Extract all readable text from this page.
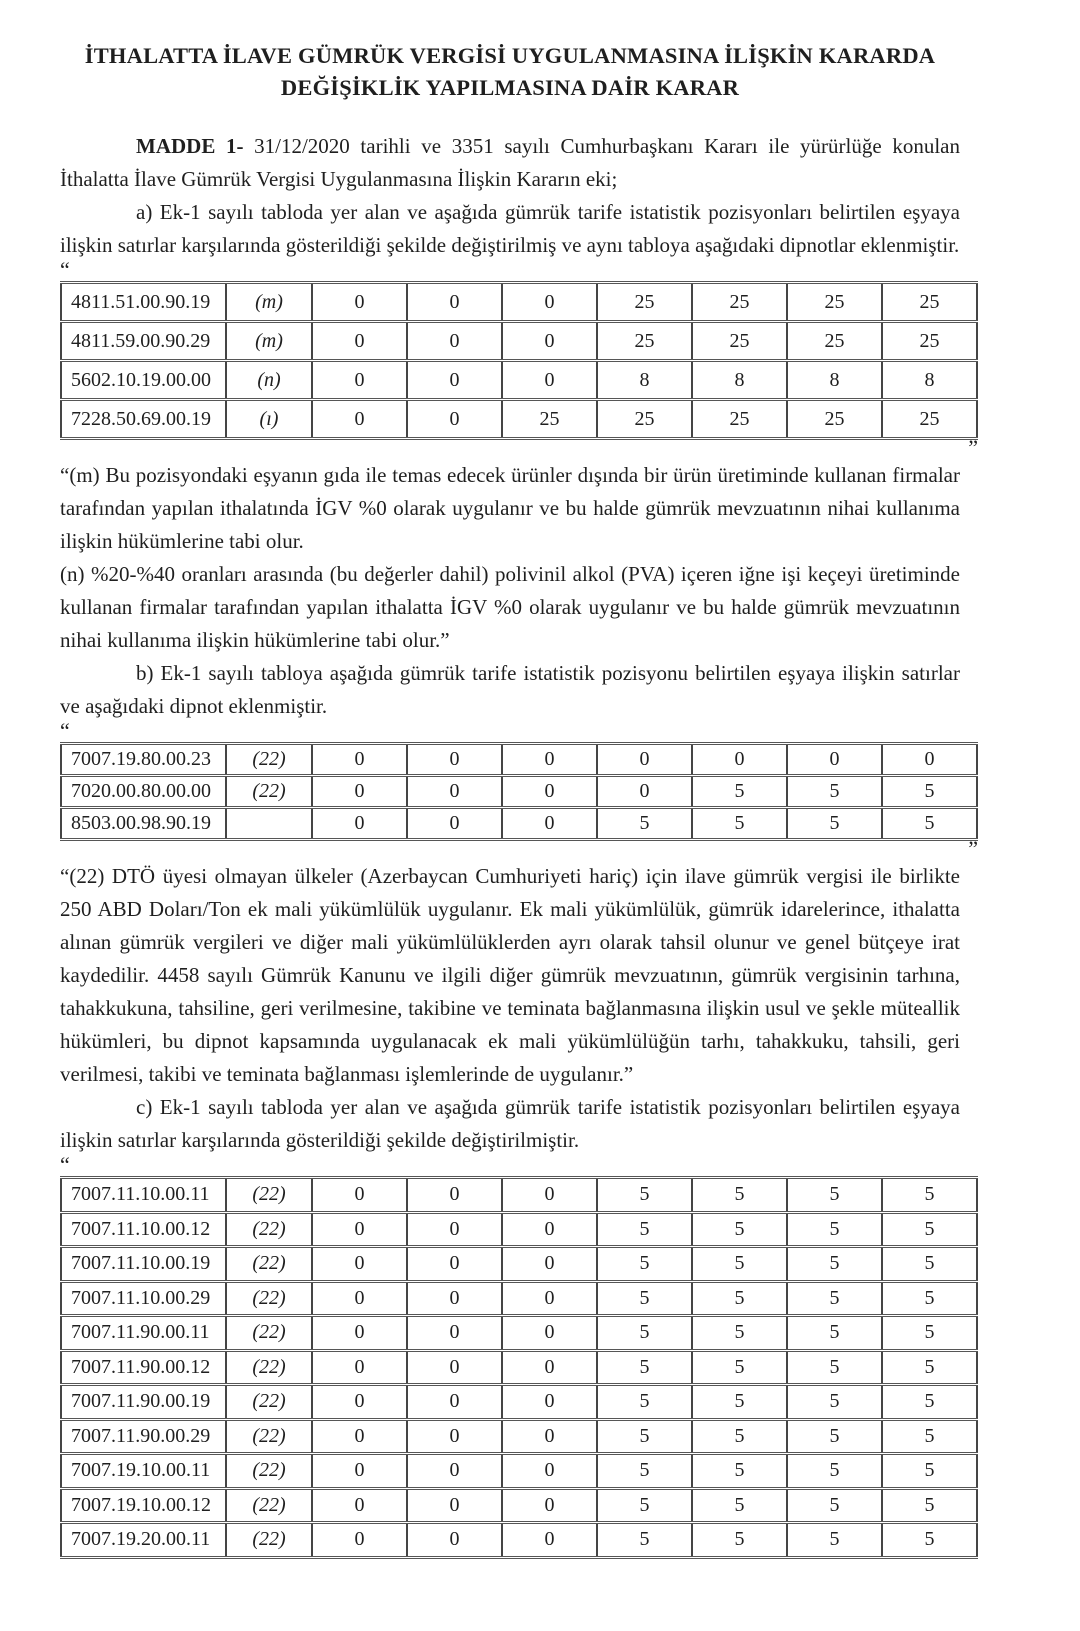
İTHALATTA İLAVE GÜMRÜK VERGİSİ UYGULANMASINA İLİŞKİN KARARDA
DEĞİŞİKLİK YAPILMASINA DAİR KARAR

MADDE 1- 31/12/2020 tarihli ve 3351 sayılı Cumhurbaşkanı Kararı ile yürürlüğe konulan İthalatta İlave Gümrük Vergisi Uygulanmasına İlişkin Kararın eki;

a) Ek-1 sayılı tabloda yer alan ve aşağıda gümrük tarife istatistik pozisyonları belirtilen eşyaya ilişkin satırlar karşılarında gösterildiği şekilde değiştirilmiş ve aynı tabloya aşağıdaki dipnotlar eklenmiştir.

“
4811.51.00.90.19	(m)	0	0	0	25	25	25	25
4811.59.00.90.29	(m)	0	0	0	25	25	25	25
5602.10.19.00.00	(n)	0	0	0	8	8	8	8
7228.50.69.00.19	(ı)	0	0	25	25	25	25	25
”

“(m) Bu pozisyondaki eşyanın gıda ile temas edecek ürünler dışında bir ürün üretiminde kullanan firmalar tarafından yapılan ithalatında İGV %0 olarak uygulanır ve bu halde gümrük mevzuatının nihai kullanıma ilişkin hükümlerine tabi olur.

(n) %20-%40 oranları arasında (bu değerler dahil) polivinil alkol (PVA) içeren iğne işi keçeyi üretiminde kullanan firmalar tarafından yapılan ithalatta İGV %0 olarak uygulanır ve bu halde gümrük mevzuatının nihai kullanıma ilişkin hükümlerine tabi olur.”

b) Ek-1 sayılı tabloya aşağıda gümrük tarife istatistik pozisyonu belirtilen eşyaya ilişkin satırlar ve aşağıdaki dipnot eklenmiştir.

“
7007.19.80.00.23	(22)	0	0	0	0	0	0	0
7020.00.80.00.00	(22)	0	0	0	0	5	5	5
8503.00.98.90.19		0	0	0	5	5	5	5
”

“(22) DTÖ üyesi olmayan ülkeler (Azerbaycan Cumhuriyeti hariç) için ilave gümrük vergisi ile birlikte 250 ABD Doları/Ton ek mali yükümlülük uygulanır. Ek mali yükümlülük, gümrük idarelerince, ithalatta alınan gümrük vergileri ve diğer mali yükümlülüklerden ayrı olarak tahsil olunur ve genel bütçeye irat kaydedilir. 4458 sayılı Gümrük Kanunu ve ilgili diğer gümrük mevzuatının, gümrük vergisinin tarhına, tahakkukuna, tahsiline, geri verilmesine, takibine ve teminata bağlanmasına ilişkin usul ve şekle müteallik hükümleri, bu dipnot kapsamında uygulanacak ek mali yükümlülüğün tarhı, tahakkuku, tahsili, geri verilmesi, takibi ve teminata bağlanması işlemlerinde de uygulanır.”

c) Ek-1 sayılı tabloda yer alan ve aşağıda gümrük tarife istatistik pozisyonları belirtilen eşyaya ilişkin satırlar karşılarında gösterildiği şekilde değiştirilmiştir.

“
7007.11.10.00.11	(22)	0	0	0	5	5	5	5
7007.11.10.00.12	(22)	0	0	0	5	5	5	5
7007.11.10.00.19	(22)	0	0	0	5	5	5	5
7007.11.10.00.29	(22)	0	0	0	5	5	5	5
7007.11.90.00.11	(22)	0	0	0	5	5	5	5
7007.11.90.00.12	(22)	0	0	0	5	5	5	5
7007.11.90.00.19	(22)	0	0	0	5	5	5	5
7007.11.90.00.29	(22)	0	0	0	5	5	5	5
7007.19.10.00.11	(22)	0	0	0	5	5	5	5
7007.19.10.00.12	(22)	0	0	0	5	5	5	5
7007.19.20.00.11	(22)	0	0	0	5	5	5	5
